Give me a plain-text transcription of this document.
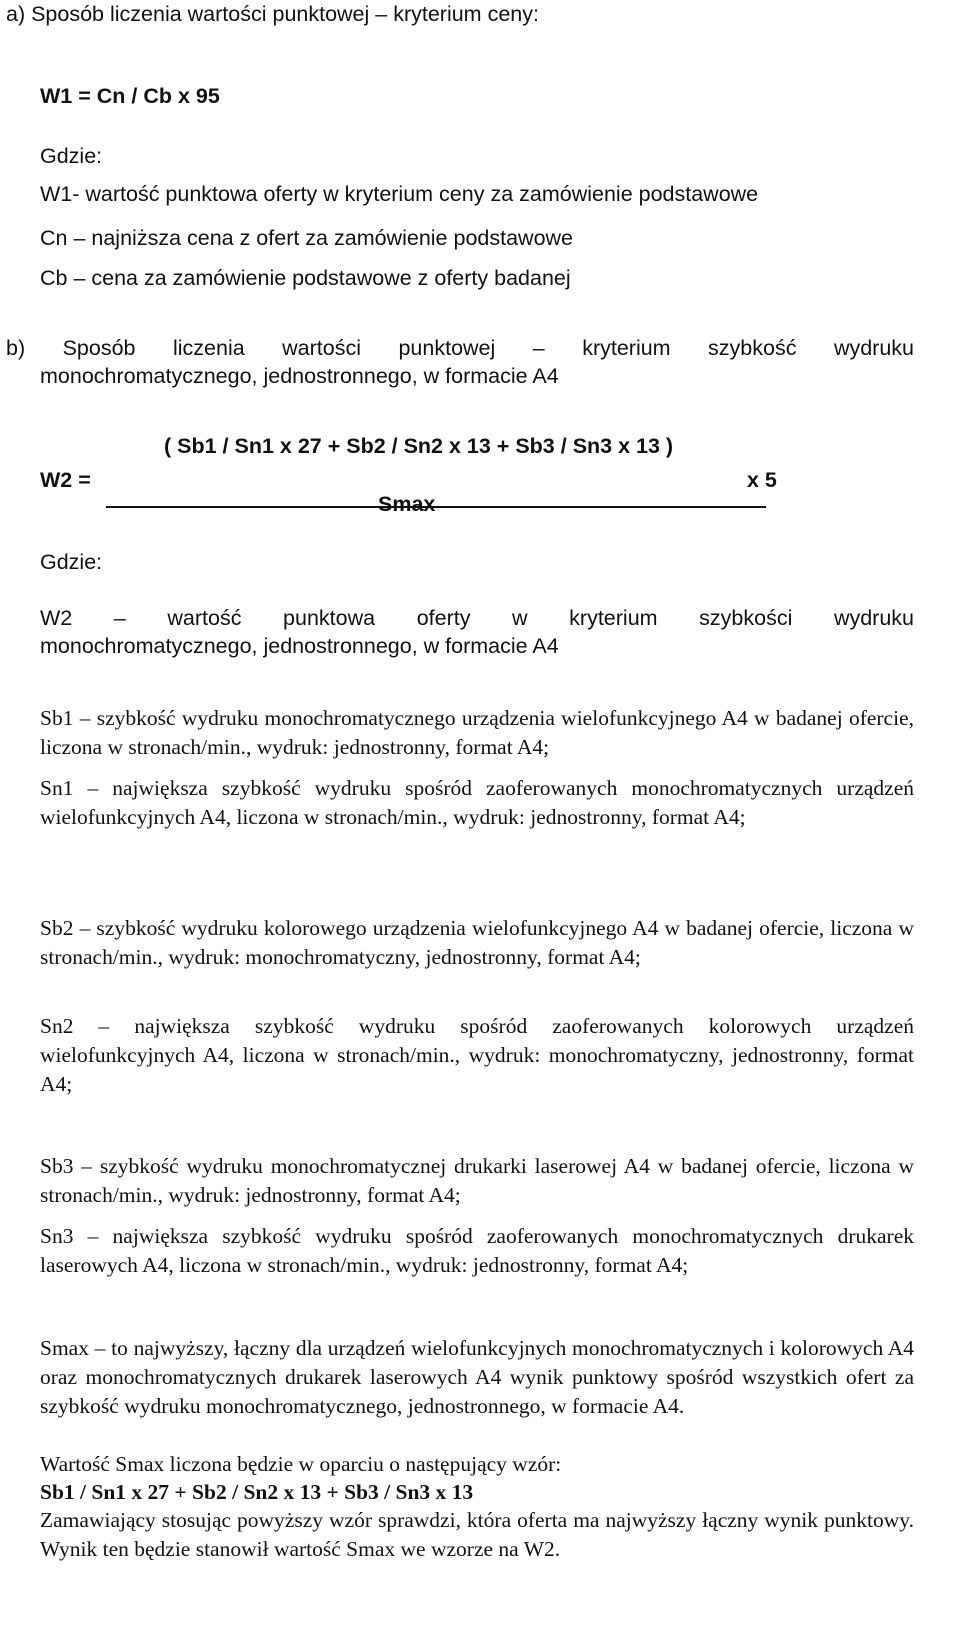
a) Sposób liczenia wartości punktowej – kryterium ceny:

W1 = Cn / Cb x 95

Gdzie:

W1- wartość punktowa oferty w kryterium ceny za zamówienie podstawowe

Cn – najniższa cena z ofert za zamówienie podstawowe

Cb – cena za zamówienie podstawowe z oferty badanej

b) Sposób liczenia wartości punktowej – kryterium szybkość wydruku

monochromatycznego, jednostronnego, w formacie A4

( Sb1 / Sn1 x 27 + Sb2 / Sn2 x 13 + Sb3 / Sn3 x 13 )

W2 =	x 5

Smax

Gdzie:

W2 – wartość punktowa oferty w kryterium szybkości wydruku

monochromatycznego, jednostronnego, w formacie A4

Sb1 – szybkość wydruku monochromatycznego urządzenia wielofunkcyjnego A4 w badanej ofercie, liczona w stronach/min., wydruk: jednostronny, format A4;

Sn1 – największa szybkość wydruku spośród zaoferowanych monochromatycznych urządzeń wielofunkcyjnych A4, liczona w stronach/min., wydruk: jednostronny, format A4;

Sb2 – szybkość wydruku kolorowego urządzenia wielofunkcyjnego A4 w badanej ofercie, liczona w stronach/min., wydruk: monochromatyczny, jednostronny, format A4;

Sn2 – największa szybkość wydruku spośród zaoferowanych kolorowych urządzeń wielofunkcyjnych A4, liczona w stronach/min., wydruk: monochromatyczny, jednostronny, format A4;

Sb3 – szybkość wydruku monochromatycznej drukarki laserowej A4 w badanej ofercie, liczona w stronach/min., wydruk: jednostronny, format A4;

Sn3 – największa szybkość wydruku spośród zaoferowanych monochromatycznych drukarek laserowych A4, liczona w stronach/min., wydruk: jednostronny, format A4;

Smax – to najwyższy, łączny dla urządzeń wielofunkcyjnych monochromatycznych i kolorowych A4 oraz monochromatycznych drukarek laserowych A4 wynik punktowy spośród wszystkich ofert za szybkość wydruku monochromatycznego, jednostronnego, w formacie A4.

Wartość Smax liczona będzie w oparciu o następujący wzór:

Sb1 / Sn1 x 27 + Sb2 / Sn2 x 13 + Sb3 / Sn3 x 13

Zamawiający stosując powyższy wzór sprawdzi, która oferta ma najwyższy łączny wynik punktowy. Wynik ten będzie stanowił wartość Smax we wzorze na W2.
